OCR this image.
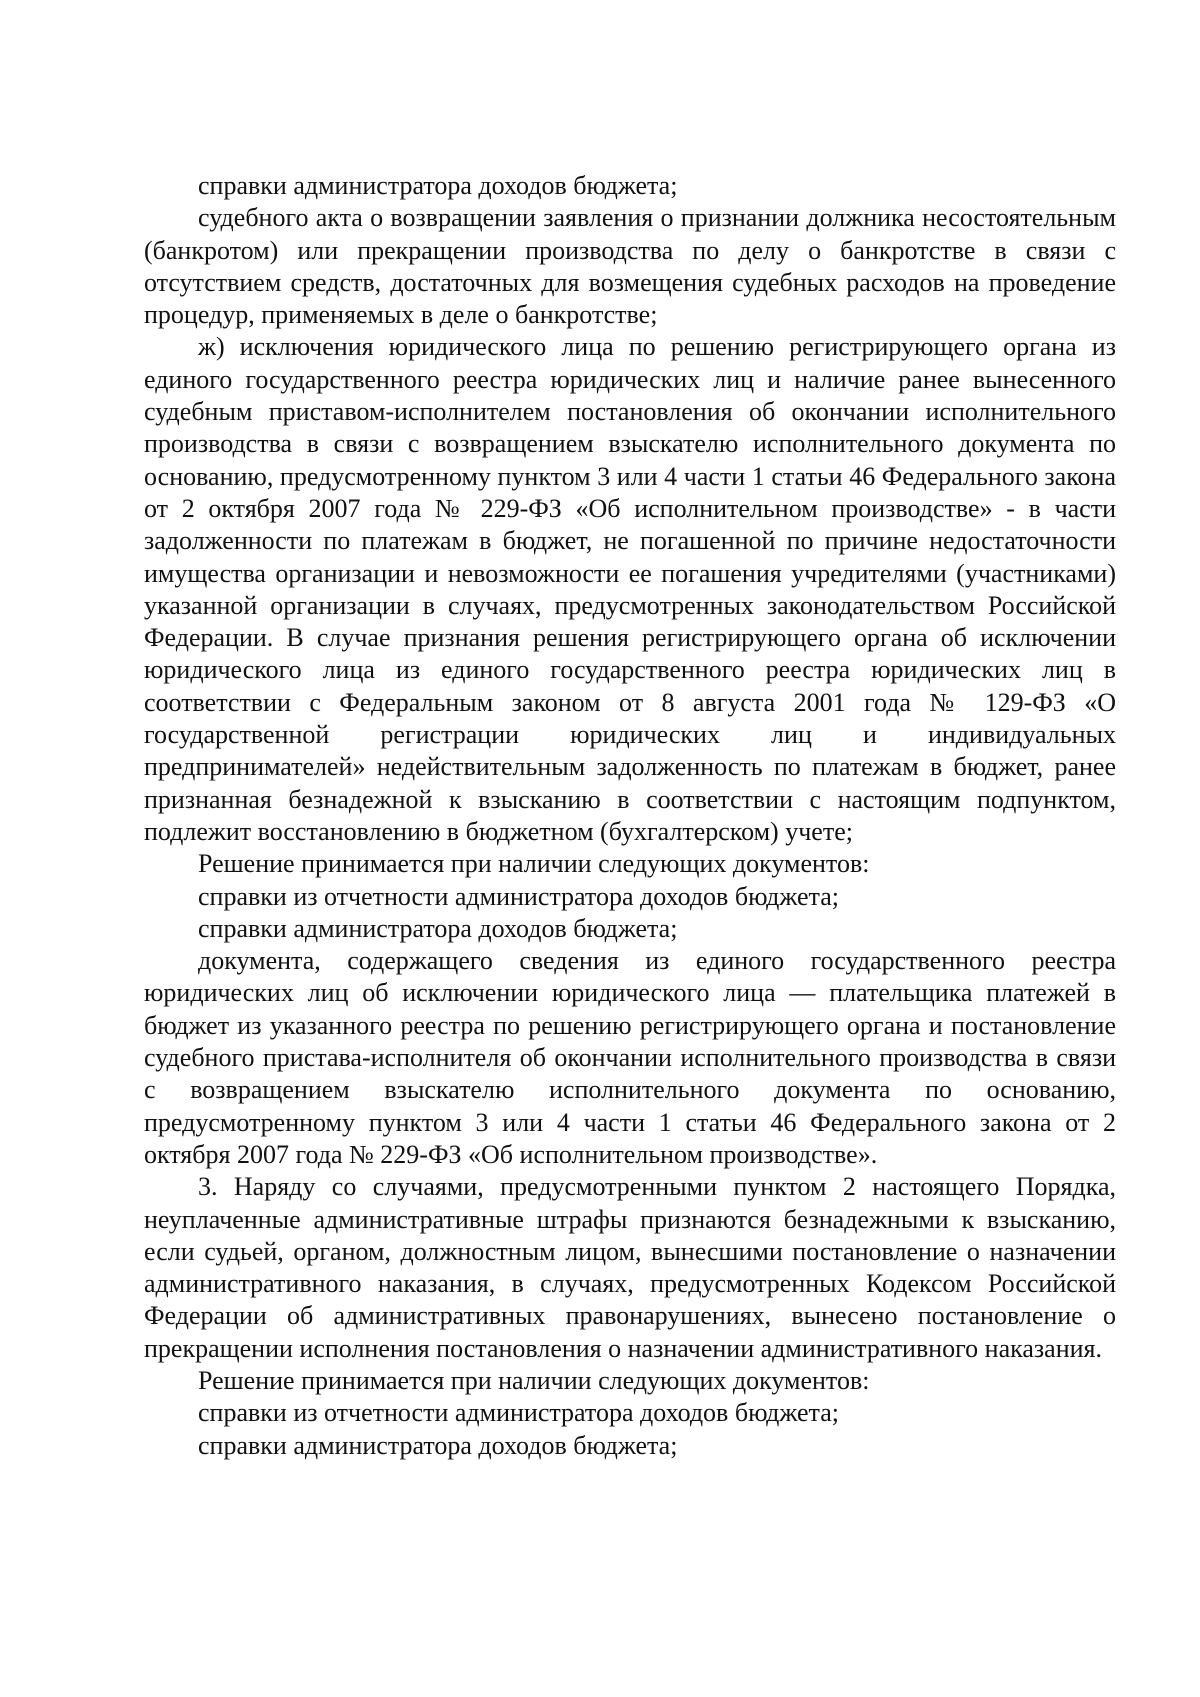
справки администратора доходов бюджета;

судебного акта о возвращении заявления о признании должника несостоятельным (банкротом) или прекращении производства по делу о банкротстве в связи с отсутствием средств, достаточных для возмещения судебных расходов на проведение процедур, применяемых в деле о банкротстве;

ж) исключения юридического лица по решению регистрирующего органа из единого государственного реестра юридических лиц и наличие ранее вынесенного судебным приставом-исполнителем постановления об окончании исполнительного производства в связи с возвращением взыскателю исполнительного документа по основанию, предусмотренному пунктом 3 или 4 части 1 статьи 46 Федерального закона от 2 октября 2007 года № 229-ФЗ «Об исполнительном производстве» - в части задолженности по платежам в бюджет, не погашенной по причине недостаточности имущества организации и невозможности ее погашения учредителями (участниками) указанной организации в случаях, предусмотренных законодательством Российской Федерации. В случае признания решения регистрирующего органа об исключении юридического лица из единого государственного реестра юридических лиц в соответствии с Федеральным законом от 8 августа 2001 года № 129-ФЗ «О государственной регистрации юридических лиц и индивидуальных предпринимателей» недействительным задолженность по платежам в бюджет, ранее признанная безнадежной к взысканию в соответствии с настоящим подпунктом, подлежит восстановлению в бюджетном (бухгалтерском) учете;

Решение принимается при наличии следующих документов:

справки из отчетности администратора доходов бюджета;

справки администратора доходов бюджета;

документа, содержащего сведения из единого государственного реестра юридических лиц об исключении юридического лица — плательщика платежей в бюджет из указанного реестра по решению регистрирующего органа и постановление судебного пристава-исполнителя об окончании исполнительного производства в связи с возвращением взыскателю исполнительного документа по основанию, предусмотренному пунктом 3 или 4 части 1 статьи 46 Федерального закона от 2 октября 2007 года № 229-ФЗ «Об исполнительном производстве».

3. Наряду со случаями, предусмотренными пунктом 2 настоящего Порядка, неуплаченные административные штрафы признаются безнадежными к взысканию, если судьей, органом, должностным лицом, вынесшими постановление о назначении административного наказания, в случаях, предусмотренных Кодексом Российской Федерации об административных правонарушениях, вынесено постановление о прекращении исполнения постановления о назначении административного наказания.

Решение принимается при наличии следующих документов:

справки из отчетности администратора доходов бюджета;

справки администратора доходов бюджета;
